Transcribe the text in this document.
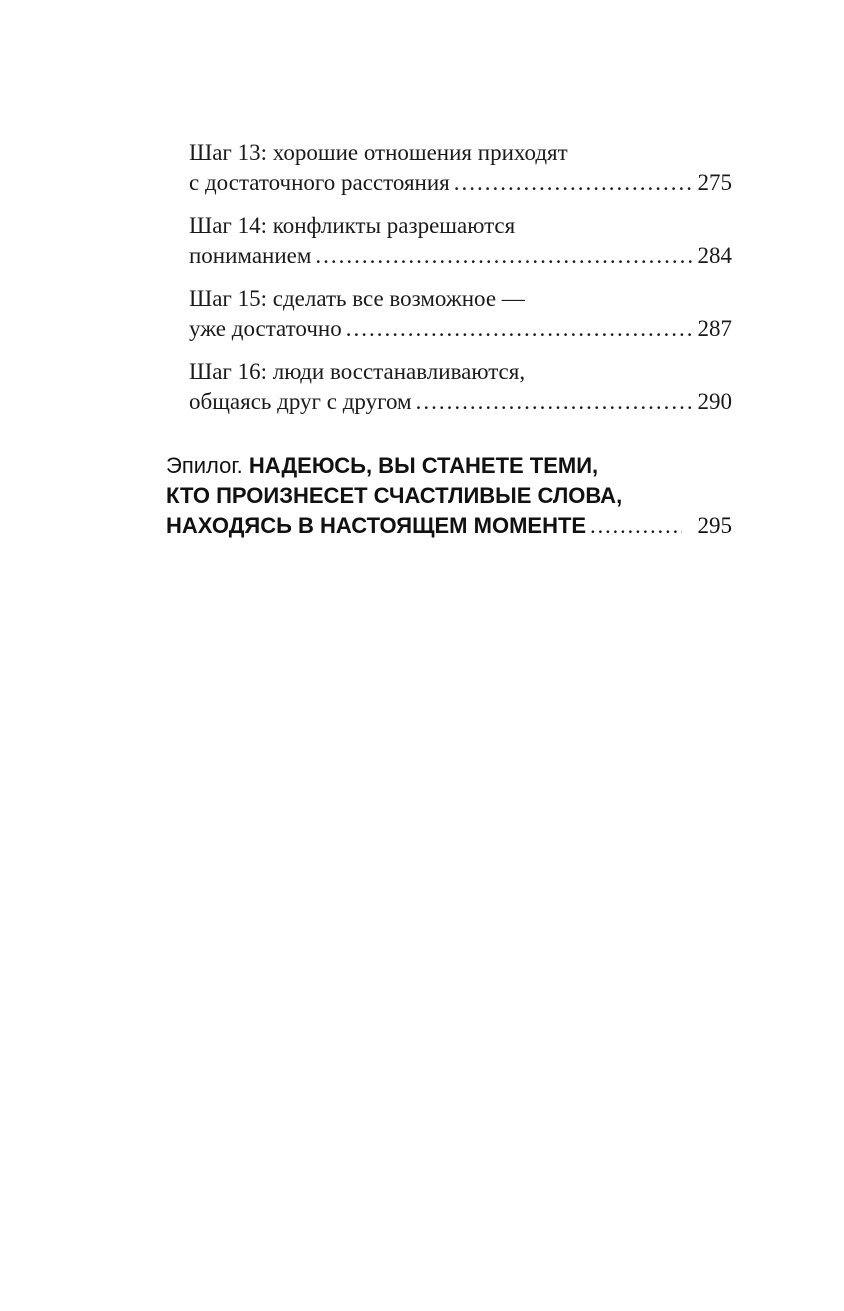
Шаг 13: хорошие отношения приходят
с достаточного расстояния .....	275
Шаг 14: конфликты разрешаются
пониманием .....	284
Шаг 15: сделать все возможное —
уже достаточно .....	287
Шаг 16: люди восстанавливаются,
общаясь друг с другом .....	290
Эпилог. НАДЕЮСЬ, ВЫ СТАНЕТЕ ТЕМИ,
КТО ПРОИЗНЕСЕТ СЧАСТЛИВЫЕ СЛОВА,
НАХОДЯСЬ В НАСТОЯЩЕМ МОМЕНТЕ .....	295
